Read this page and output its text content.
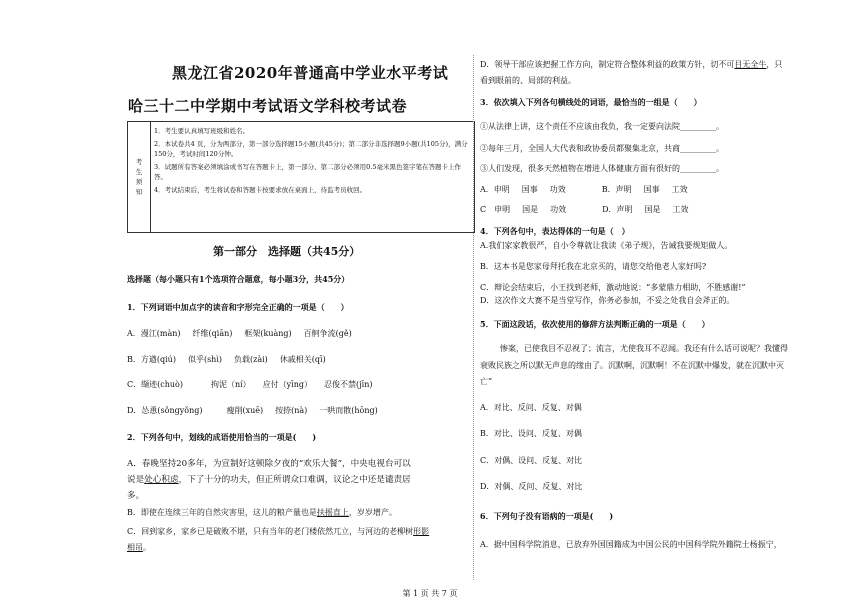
黑龙江省2020年普通高中学业水平考试
哈三十二中学期中考试语文学科校考试卷
考
生
须
知

1．考生要认真填写班级和姓名。
2．本试卷共4 页，分为两部分，第一部分选择题15小题(共45分)；第二部分非选择题9小题(共105分)，满分150分，考试时间120分钟。
3．试题所有答案必须填涂或书写在答题卡上，第一部分、第二部分必须用0.5毫米黑色签字笔在答题卡上作答。
4．考试结束后，考生将试卷和答题卡按要求放在桌面上，待监考员收回。
第一部分　选择题（共45分）
选择题（每小题只有1个选项符合题意，每小题3分，共45分）
1．下列词语中加点字的读音和字形完全正确的一项是（　　）
A．漫江(màn) 纤维(qiān) 框架(kuàng) 百舸争流(gě)
B．方遒(qiú) 似乎(shì) 负载(zài) 休戚相关(qī)
C．缬迹(chuò)	拘泥（ní） 应付（yīng） 忍俊不禁(jīn)
D．怂恿(sǒngyǒng)	瘦削(xuē) 按捺(nà) 一哄而散(hōng)
2．下列各句中，划线的成语使用恰当的一项是(　　)
A．春晚坚持20多年，为宣制好这顿除夕夜的“欢乐大餐”，中央电视台可以
说是处心积虑，下了十分的功夫，但正所谓众口难调，议论之中还是谴责居
多。
B．即使在连续三年的自然灾害里，这儿的粮产量也是扶摇直上，岁岁增产。
C．回到家乡，家乡已是破败不堪，只有当年的老门楼依然兀立，与河边的老柳树形影
相吊。
D．领导干部应该把握工作方向，制定符合整体利益的政策方针，切不可目无全牛，只
看到眼前的、局部的利益。
3．依次填入下列各句横线处的词语，最恰当的一组是（　　）
①从法律上讲，这个责任不应该由我负，我一定要向法院_________。
②每年三月，全国人大代表和政协委员都聚集北京，共商_________。
③人们发现，很多天然植物在增进人体健康方面有很好的_________。
A．申明 国事 功效	B．声明 国事 工效
C　申明 国是 功效	D．声明 国是 工效
4．下列各句中，表达得体的一句是（　）
A.我们家家教很严，自小令尊就让我读《弟子规》，告诫我要规矩做人。
B．这本书是您家母拜托我在北京买的，请您交给他老人家好吗?
C．辩论会结束后，小王找到老师，激动地说：“多蒙鼎力相助，不胜感谢!”
D．这次作文大赛不是当堂写作，你务必参加，不妥之处我自会斧正的。
5．下面这段话，依次使用的修辞方法判断正确的一项是（　　）
　惨案，已使我目不忍视了；流言，尤使我耳不忍闻。我还有什么话可说呢？我懂得
衰败民族之所以默无声息的缘由了。沉默啊，沉默啊！不在沉默中爆发，就在沉默中灭
亡”
A．对比、反问、反复、对偶
B．对比、设问、反复、对偶
C．对偶、设问、反复、对比
D．对偶、反问、反复、对比
6．下列句子没有语病的一项是(　　)
A．据中国科学院消息，已放弃外国国籍成为中国公民的中国科学院外籍院士杨振宁，
第 1 页 共 7 页
